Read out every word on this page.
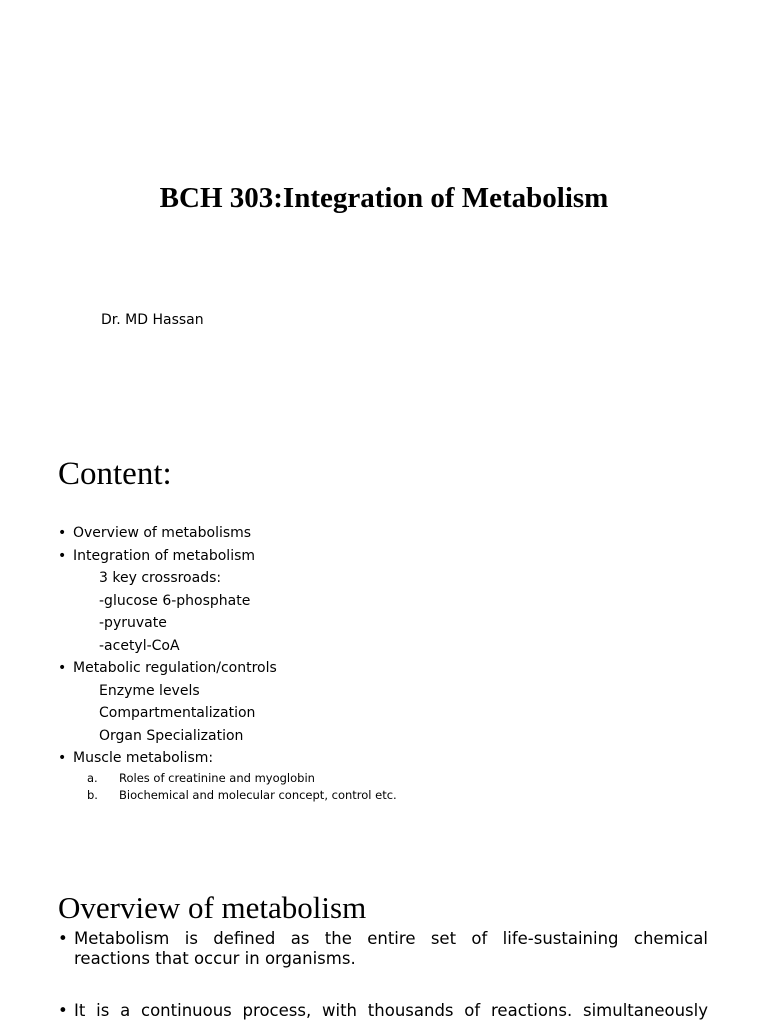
BCH 303:Integration of Metabolism
Dr. MD Hassan
Content:
• Overview of metabolisms
• Integration of metabolism
3 key crossroads:
-glucose 6-phosphate
-pyruvate
-acetyl-CoA
• Metabolic regulation/controls
Enzyme levels
Compartmentalization
Organ Specialization
• Muscle metabolism:
a. Roles of creatinine and myoglobin
b. Biochemical and molecular concept, control etc.
Overview of metabolism
• Metabolism is defined as the entire set of life-sustaining chemical
reactions that occur in organisms.
• It is a continuous process, with thousands of reactions. simultaneously
